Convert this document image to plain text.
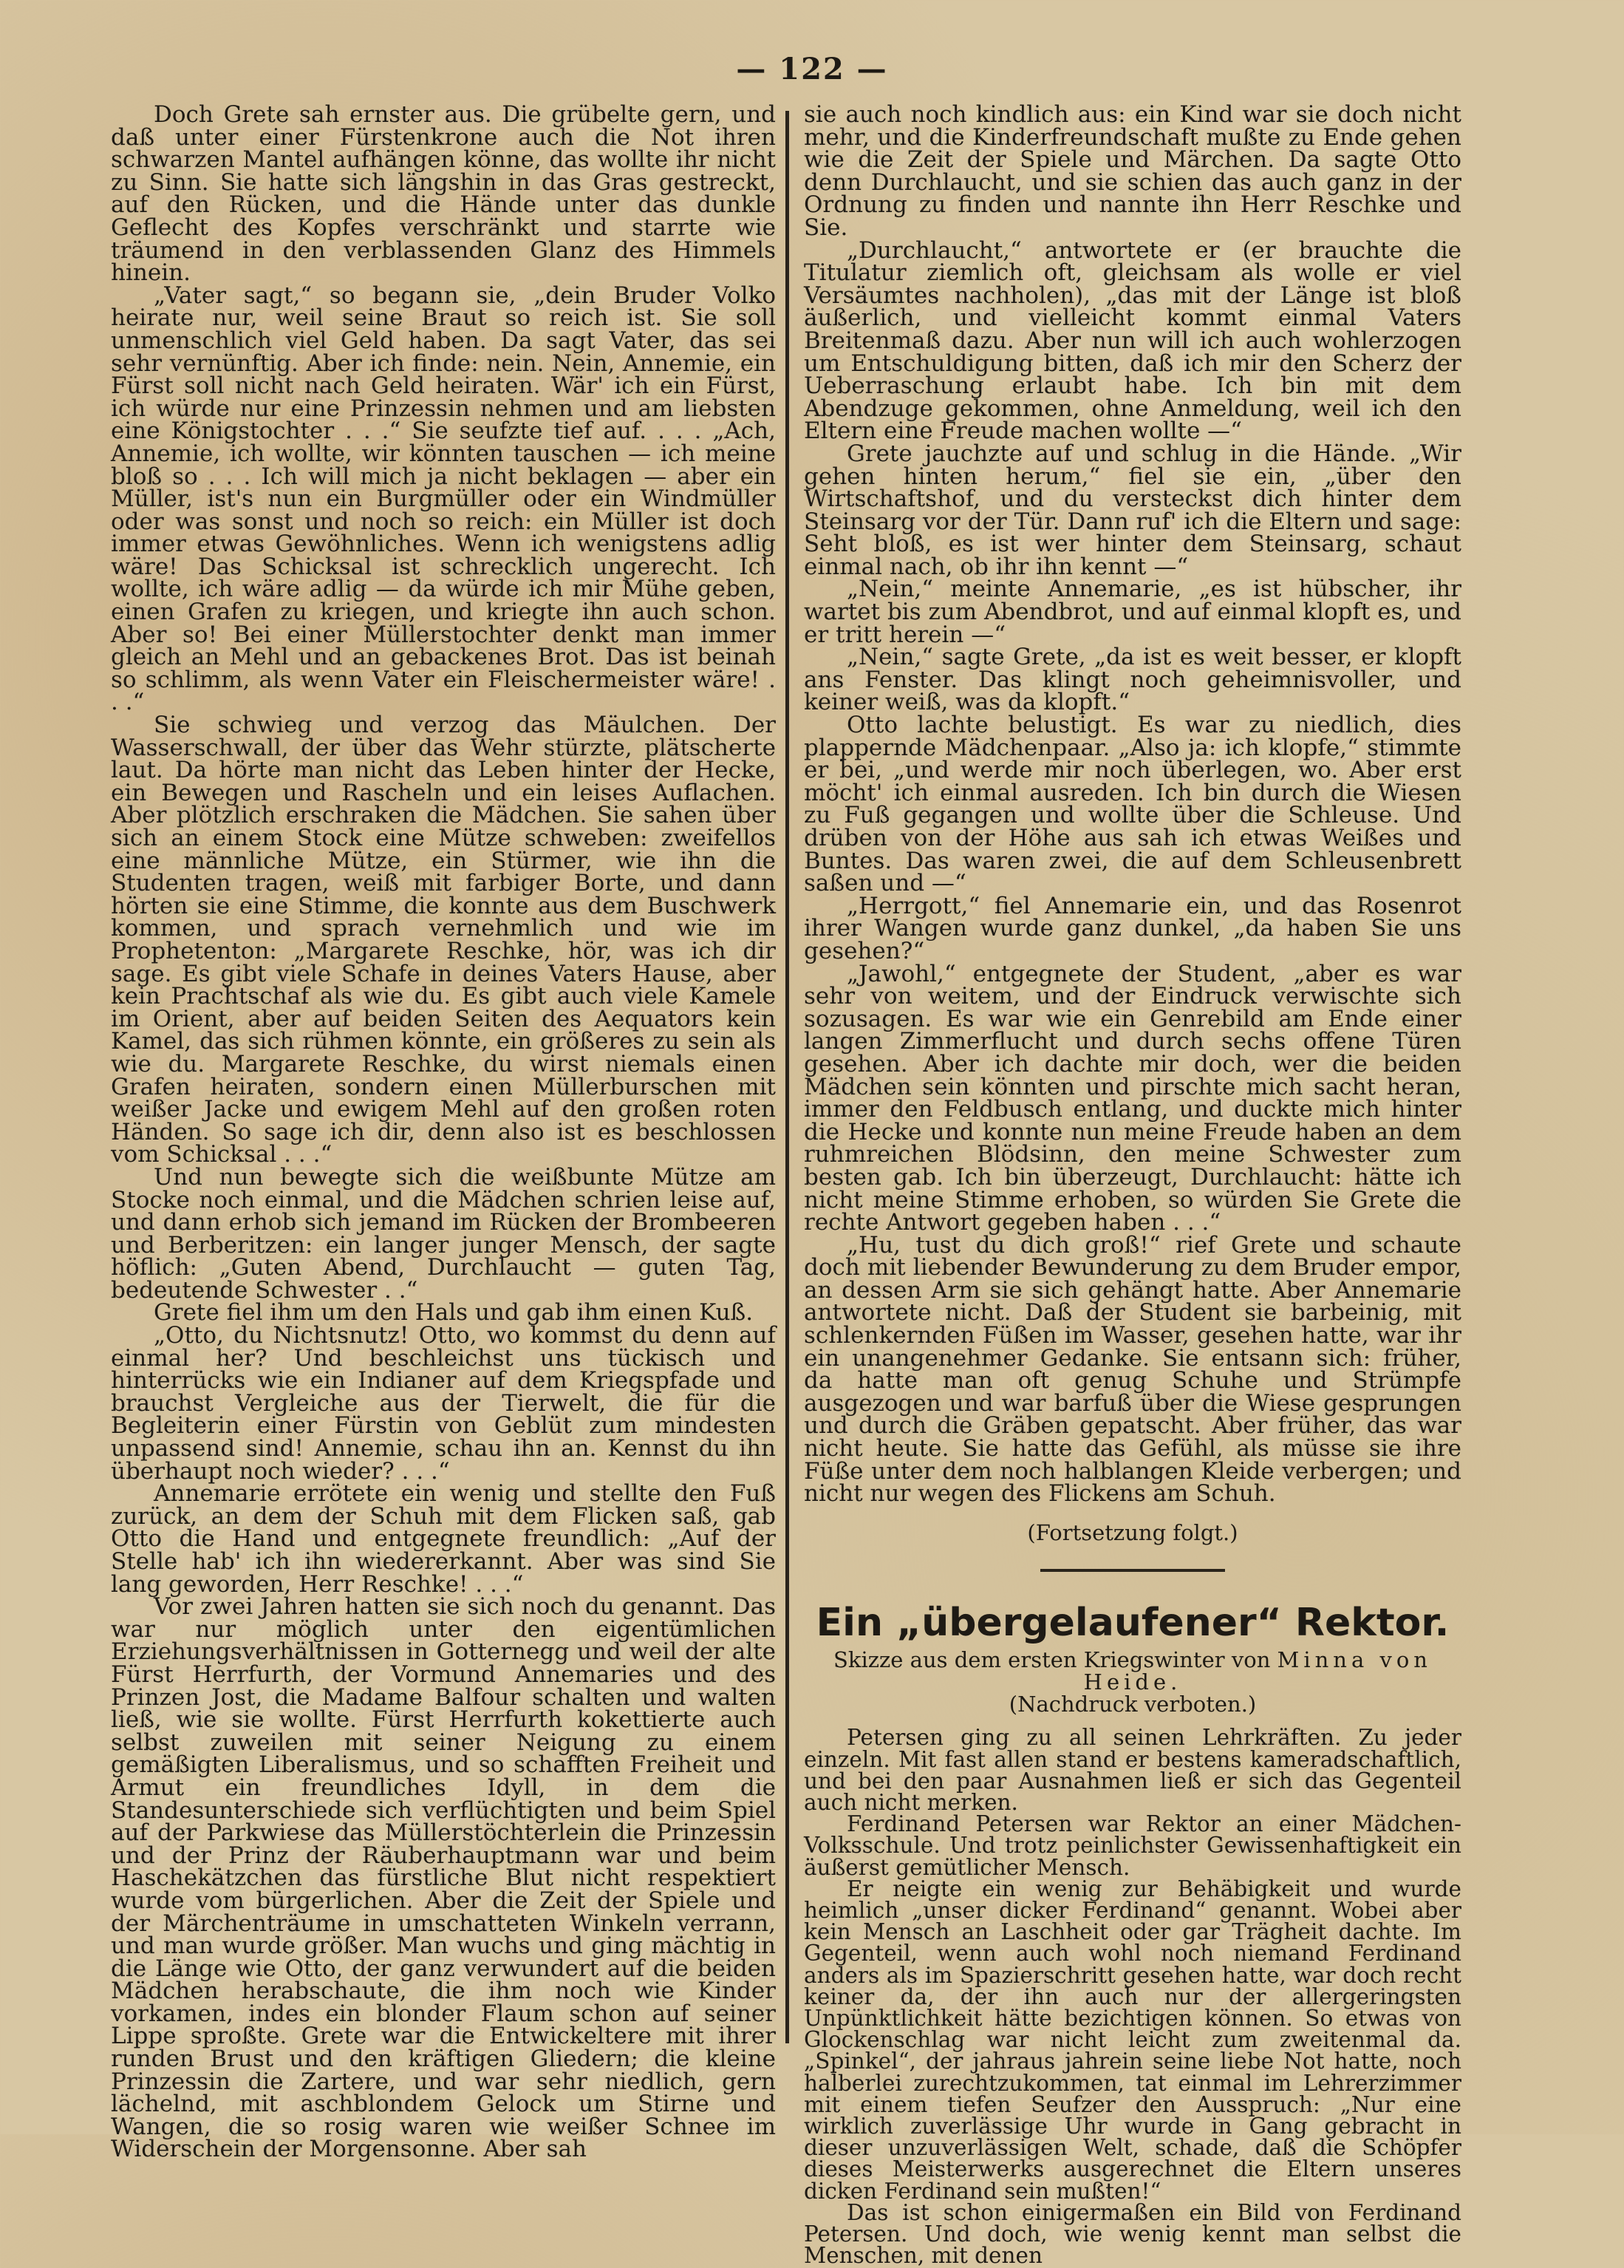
— 122 —

Doch Grete sah ernster aus. Die grübelte gern, und daß unter einer Fürstenkrone auch die Not ihren schwarzen Mantel aufhängen könne, das wollte ihr nicht zu Sinn. Sie hatte sich längshin in das Gras gestreckt, auf den Rücken, und die Hände unter das dunkle Geflecht des Kopfes verschränkt und starrte wie träumend in den verblassenden Glanz des Himmels hinein.

„Vater sagt,“ so begann sie, „dein Bruder Volko heirate nur, weil seine Braut so reich ist. Sie soll unmenschlich viel Geld haben. Da sagt Vater, das sei sehr vernünftig. Aber ich finde: nein. Nein, Annemie, ein Fürst soll nicht nach Geld heiraten. Wär' ich ein Fürst, ich würde nur eine Prinzessin nehmen und am liebsten eine Königstochter . . .“ Sie seufzte tief auf. . . . „Ach, Annemie, ich wollte, wir könnten tauschen — ich meine bloß so . . . Ich will mich ja nicht beklagen — aber ein Müller, ist's nun ein Burgmüller oder ein Windmüller oder was sonst und noch so reich: ein Müller ist doch immer etwas Gewöhnliches. Wenn ich wenigstens adlig wäre! Das Schicksal ist schrecklich ungerecht. Ich wollte, ich wäre adlig — da würde ich mir Mühe geben, einen Grafen zu kriegen, und kriegte ihn auch schon. Aber so! Bei einer Müllerstochter denkt man immer gleich an Mehl und an gebackenes Brot. Das ist beinah so schlimm, als wenn Vater ein Fleischermeister wäre! . . .“

Sie schwieg und verzog das Mäulchen. Der Wasserschwall, der über das Wehr stürzte, plätscherte laut. Da hörte man nicht das Leben hinter der Hecke, ein Bewegen und Rascheln und ein leises Auflachen. Aber plötzlich erschraken die Mädchen. Sie sahen über sich an einem Stock eine Mütze schweben: zweifellos eine männliche Mütze, ein Stürmer, wie ihn die Studenten tragen, weiß mit farbiger Borte, und dann hörten sie eine Stimme, die konnte aus dem Buschwerk kommen, und sprach vernehmlich und wie im Prophetenton: „Margarete Reschke, hör, was ich dir sage. Es gibt viele Schafe in deines Vaters Hause, aber kein Prachtschaf als wie du. Es gibt auch viele Kamele im Orient, aber auf beiden Seiten des Aequators kein Kamel, das sich rühmen könnte, ein größeres zu sein als wie du. Margarete Reschke, du wirst niemals einen Grafen heiraten, sondern einen Müllerburschen mit weißer Jacke und ewigem Mehl auf den großen roten Händen. So sage ich dir, denn also ist es beschlossen vom Schicksal . . .“

Und nun bewegte sich die weißbunte Mütze am Stocke noch einmal, und die Mädchen schrien leise auf, und dann erhob sich jemand im Rücken der Brombeeren und Berberitzen: ein langer junger Mensch, der sagte höflich: „Guten Abend, Durchlaucht — guten Tag, bedeutende Schwester . .“

Grete fiel ihm um den Hals und gab ihm einen Kuß.

„Otto, du Nichtsnutz! Otto, wo kommst du denn auf einmal her? Und beschleichst uns tückisch und hinterrücks wie ein Indianer auf dem Kriegspfade und brauchst Vergleiche aus der Tierwelt, die für die Begleiterin einer Fürstin von Geblüt zum mindesten unpassend sind! Annemie, schau ihn an. Kennst du ihn überhaupt noch wieder? . . .“

Annemarie errötete ein wenig und stellte den Fuß zurück, an dem der Schuh mit dem Flicken saß, gab Otto die Hand und entgegnete freundlich: „Auf der Stelle hab' ich ihn wiedererkannt. Aber was sind Sie lang geworden, Herr Reschke! . . .“

Vor zwei Jahren hatten sie sich noch du genannt. Das war nur möglich unter den eigentümlichen Erziehungsverhältnissen in Gotternegg und weil der alte Fürst Herrfurth, der Vormund Annemaries und des Prinzen Jost, die Madame Balfour schalten und walten ließ, wie sie wollte. Fürst Herrfurth kokettierte auch selbst zuweilen mit seiner Neigung zu einem gemäßigten Liberalismus, und so schafften Freiheit und Armut ein freundliches Idyll, in dem die Standesunterschiede sich verflüchtigten und beim Spiel auf der Parkwiese das Müllerstöchterlein die Prinzessin und der Prinz der Räuberhauptmann war und beim Haschekätzchen das fürstliche Blut nicht respektiert wurde vom bürgerlichen. Aber die Zeit der Spiele und der Märchenträume in umschatteten Winkeln verrann, und man wurde größer. Man wuchs und ging mächtig in die Länge wie Otto, der ganz verwundert auf die beiden Mädchen herabschaute, die ihm noch wie Kinder vorkamen, indes ein blonder Flaum schon auf seiner Lippe sproßte. Grete war die Entwickeltere mit ihrer runden Brust und den kräftigen Gliedern; die kleine Prinzessin die Zartere, und war sehr niedlich, gern lächelnd, mit aschblondem Gelock um Stirne und Wangen, die so rosig waren wie weißer Schnee im Widerschein der Morgensonne. Aber sah

sie auch noch kindlich aus: ein Kind war sie doch nicht mehr, und die Kinderfreundschaft mußte zu Ende gehen wie die Zeit der Spiele und Märchen. Da sagte Otto denn Durchlaucht, und sie schien das auch ganz in der Ordnung zu finden und nannte ihn Herr Reschke und Sie.

„Durchlaucht,“ antwortete er (er brauchte die Titulatur ziemlich oft, gleichsam als wolle er viel Versäumtes nachholen), „das mit der Länge ist bloß äußerlich, und vielleicht kommt einmal Vaters Breitenmaß dazu. Aber nun will ich auch wohlerzogen um Entschuldigung bitten, daß ich mir den Scherz der Ueberraschung erlaubt habe. Ich bin mit dem Abendzuge gekommen, ohne Anmeldung, weil ich den Eltern eine Freude machen wollte —“

Grete jauchzte auf und schlug in die Hände. „Wir gehen hinten herum,“ fiel sie ein, „über den Wirtschaftshof, und du versteckst dich hinter dem Steinsarg vor der Tür. Dann ruf' ich die Eltern und sage: Seht bloß, es ist wer hinter dem Steinsarg, schaut einmal nach, ob ihr ihn kennt —“

„Nein,“ meinte Annemarie, „es ist hübscher, ihr wartet bis zum Abendbrot, und auf einmal klopft es, und er tritt herein —“

„Nein,“ sagte Grete, „da ist es weit besser, er klopft ans Fenster. Das klingt noch geheimnisvoller, und keiner weiß, was da klopft.“

Otto lachte belustigt. Es war zu niedlich, dies plappernde Mädchenpaar. „Also ja: ich klopfe,“ stimmte er bei, „und werde mir noch überlegen, wo. Aber erst möcht' ich einmal ausreden. Ich bin durch die Wiesen zu Fuß gegangen und wollte über die Schleuse. Und drüben von der Höhe aus sah ich etwas Weißes und Buntes. Das waren zwei, die auf dem Schleusenbrett saßen und —“

„Herrgott,“ fiel Annemarie ein, und das Rosenrot ihrer Wangen wurde ganz dunkel, „da haben Sie uns gesehen?“

„Jawohl,“ entgegnete der Student, „aber es war sehr von weitem, und der Eindruck verwischte sich sozusagen. Es war wie ein Genrebild am Ende einer langen Zimmerflucht und durch sechs offene Türen gesehen. Aber ich dachte mir doch, wer die beiden Mädchen sein könnten und pirschte mich sacht heran, immer den Feldbusch entlang, und duckte mich hinter die Hecke und konnte nun meine Freude haben an dem ruhmreichen Blödsinn, den meine Schwester zum besten gab. Ich bin überzeugt, Durchlaucht: hätte ich nicht meine Stimme erhoben, so würden Sie Grete die rechte Antwort gegeben haben . . .“

„Hu, tust du dich groß!“ rief Grete und schaute doch mit liebender Bewunderung zu dem Bruder empor, an dessen Arm sie sich gehängt hatte. Aber Annemarie antwortete nicht. Daß der Student sie barbeinig, mit schlenkernden Füßen im Wasser, gesehen hatte, war ihr ein unangenehmer Gedanke. Sie entsann sich: früher, da hatte man oft genug Schuhe und Strümpfe ausgezogen und war barfuß über die Wiese gesprungen und durch die Gräben gepatscht. Aber früher, das war nicht heute. Sie hatte das Gefühl, als müsse sie ihre Füße unter dem noch halblangen Kleide verbergen; und nicht nur wegen des Flickens am Schuh.

(Fortsetzung folgt.)

Ein „übergelaufener“ Rektor.

Skizze aus dem ersten Kriegswinter von Minna von Heide.

(Nachdruck verboten.)

Petersen ging zu all seinen Lehrkräften. Zu jeder einzeln. Mit fast allen stand er bestens kameradschaftlich, und bei den paar Ausnahmen ließ er sich das Gegenteil auch nicht merken.

Ferdinand Petersen war Rektor an einer Mädchen-Volksschule. Und trotz peinlichster Gewissenhaftigkeit ein äußerst gemütlicher Mensch.

Er neigte ein wenig zur Behäbigkeit und wurde heimlich „unser dicker Ferdinand“ genannt. Wobei aber kein Mensch an Laschheit oder gar Trägheit dachte. Im Gegenteil, wenn auch wohl noch niemand Ferdinand anders als im Spazierschritt gesehen hatte, war doch recht keiner da, der ihn auch nur der allergeringsten Unpünktlichkeit hätte bezichtigen können. So etwas von Glockenschlag war nicht leicht zum zweitenmal da. „Spinkel“, der jahraus jahrein seine liebe Not hatte, noch halberlei zurechtzukommen, tat einmal im Lehrerzimmer mit einem tiefen Seufzer den Ausspruch: „Nur eine wirklich zuverlässige Uhr wurde in Gang gebracht in dieser unzuverlässigen Welt, schade, daß die Schöpfer dieses Meisterwerks ausgerechnet die Eltern unseres dicken Ferdinand sein mußten!“

Das ist schon einigermaßen ein Bild von Ferdinand Petersen. Und doch, wie wenig kennt man selbst die Menschen, mit denen
